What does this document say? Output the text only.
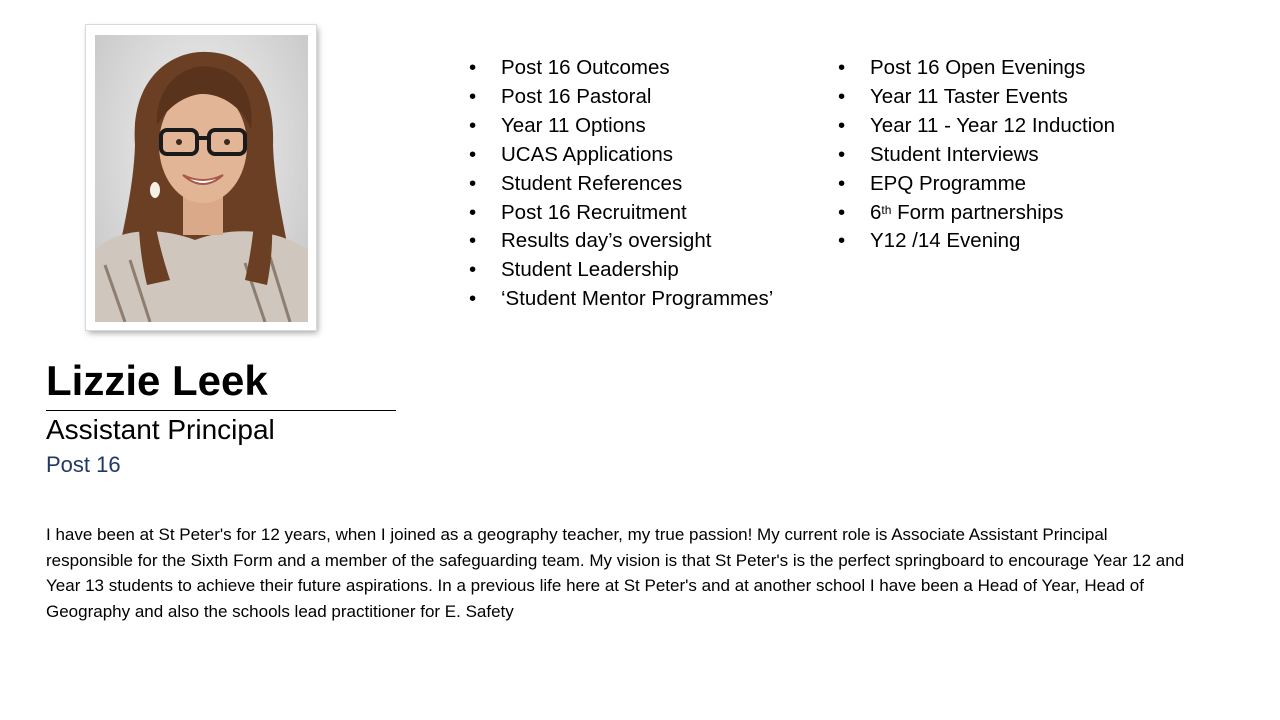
• Post 16 Outcomes
• Post 16 Pastoral
• Year 11 Options
• UCAS Applications
• Student References
• Post 16 Recruitment
• Results day’s oversight
• Student Leadership
• ‘Student Mentor Programmes’
• Post 16 Open Evenings
• Year 11 Taster Events
• Year 11 - Year 12 Induction
• Student Interviews
• EPQ Programme
• 6th Form partnerships
• Y12 /14 Evening
Lizzie Leek
Assistant Principal
Post 16

I have been at St Peter's for 12 years, when I joined as a geography teacher, my true passion! My current role is Associate Assistant Principal responsible for the Sixth Form and a member of the safeguarding team. My vision is that St Peter's is the perfect springboard to encourage Year 12 and Year 13 students to achieve their future aspirations. In a previous life here at St Peter's and at another school I have been a Head of Year, Head of Geography and also the schools lead practitioner for E. Safety
